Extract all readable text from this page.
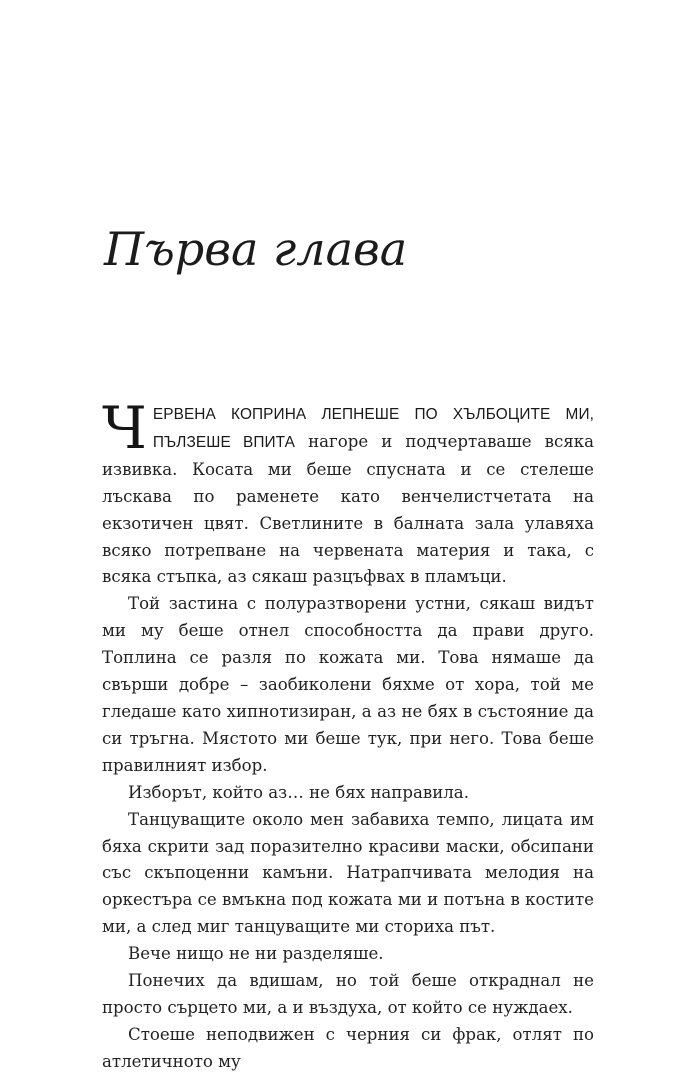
Първа глава

ЧЕРВЕНА КОПРИНА ЛЕПНЕШЕ ПО ХЪЛБОЦИТЕ МИ, ПЪЛЗЕШЕ ВПИТА нагоре и подчертаваше всяка извивка. Косата ми беше спусната и се стелеше лъскава по раменете като венчелистчетата на екзотичен цвят. Светлините в балната зала улавяха всяко потрепване на червената материя и така, с всяка стъпка, аз сякаш разцъфвах в пламъци.

Той застина с полуразтворени устни, сякаш видът ми му беше отнел способността да прави друго. Топлина се разля по кожата ми. Това нямаше да свърши добре – заобиколени бяхме от хора, той ме гледаше като хипнотизиран, а аз не бях в състояние да си тръгна. Мястото ми беше тук, при него. Това беше правилният избор.

Изборът, който аз… не бях направила.

Танцуващите около мен забавиха темпо, лицата им бяха скрити зад поразително красиви маски, обсипани със скъпоценни камъни. Натрапчивата мелодия на оркестъра се вмъкна под кожата ми и потъна в костите ми, а след миг танцуващите ми сториха път.

Вече нищо не ни разделяше.

Понечих да вдишам, но той беше откраднал не просто сърцето ми, а и въздуха, от който се нуждаех.

Стоеше неподвижен с черния си фрак, отлят по атлетичното му
